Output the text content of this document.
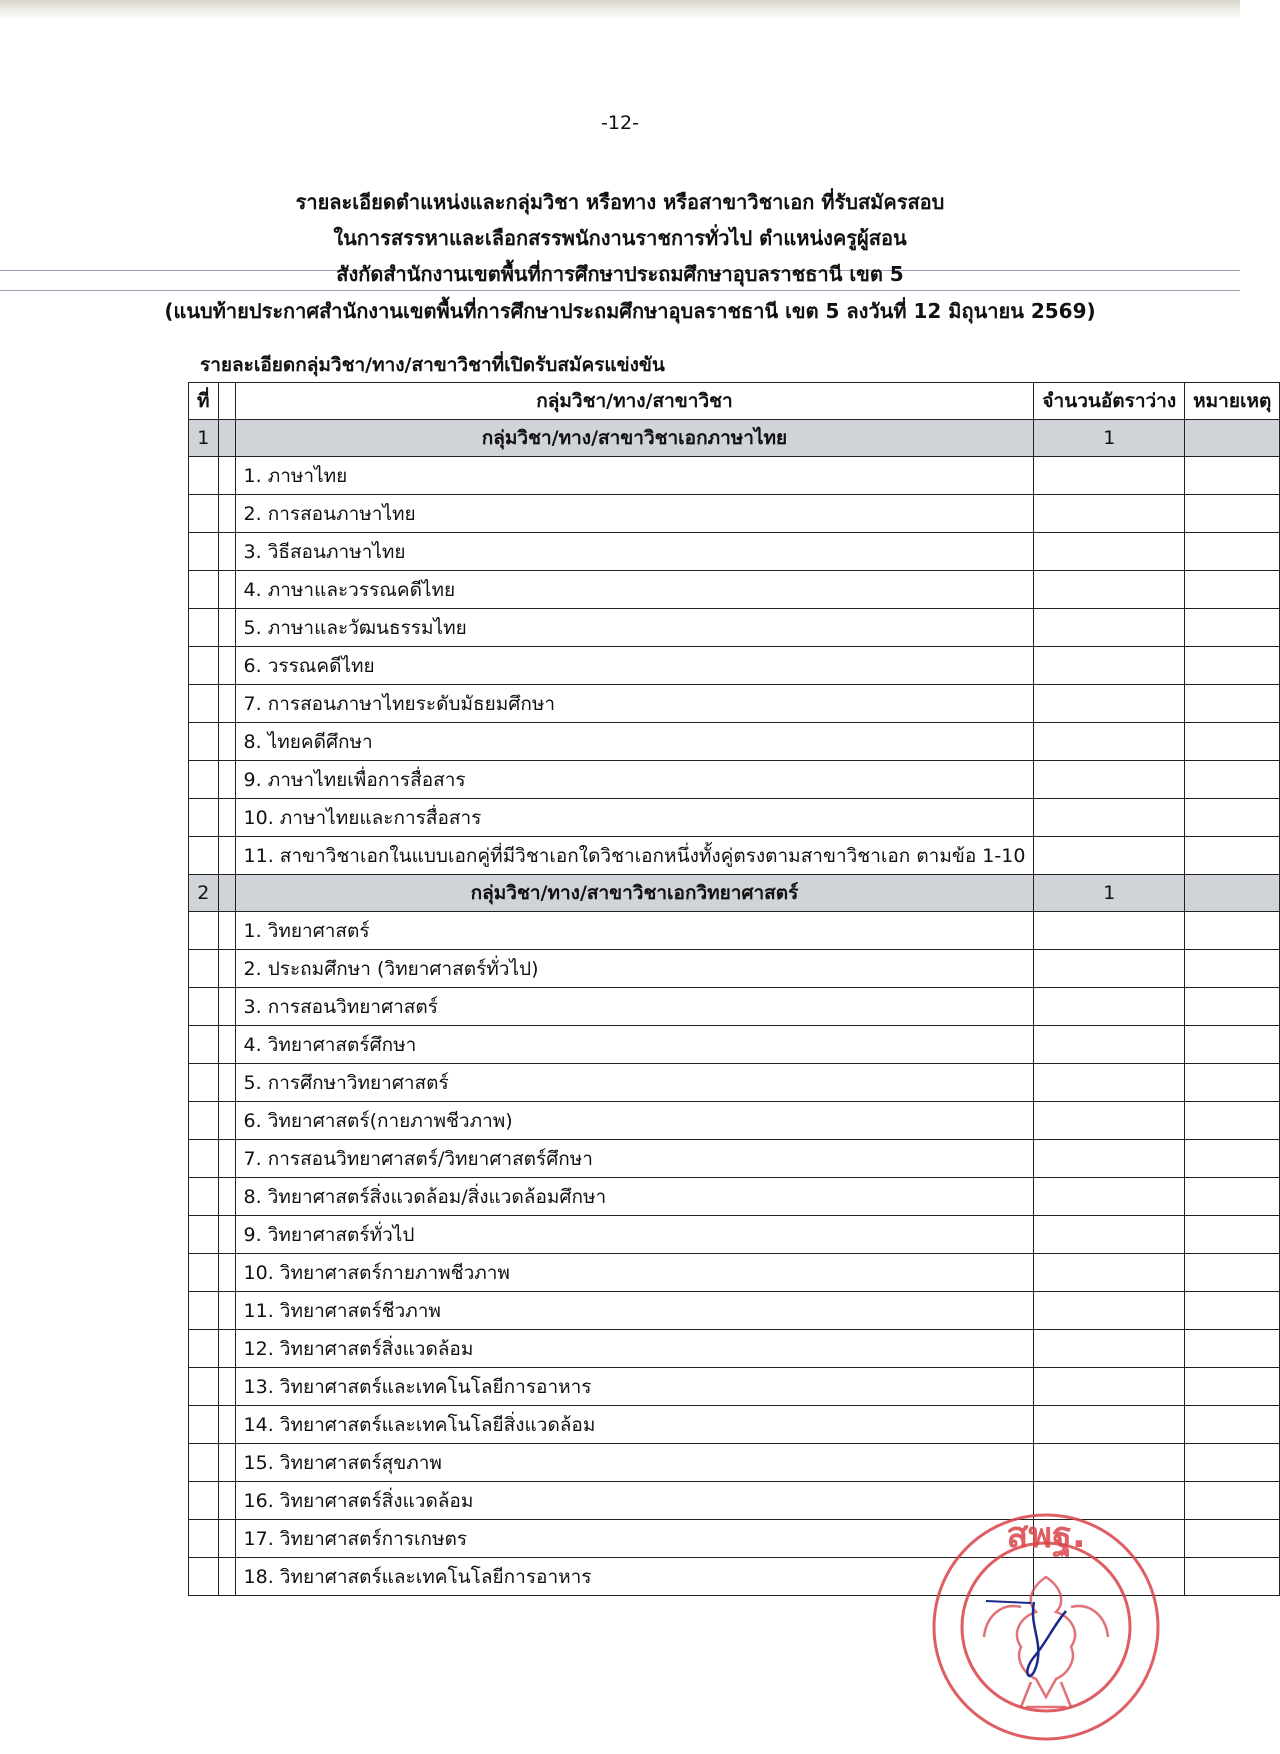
-12-
รายละเอียดตำแหน่งและกลุ่มวิชา หรือทาง หรือสาขาวิชาเอก ที่รับสมัครสอบ
ในการสรรหาและเลือกสรรพนักงานราชการทั่วไป ตำแหน่งครูผู้สอน
สังกัดสำนักงานเขตพื้นที่การศึกษาประถมศึกษาอุบลราชธานี เขต 5
(แนบท้ายประกาศสำนักงานเขตพื้นที่การศึกษาประถมศึกษาอุบลราชธานี เขต 5 ลงวันที่ 12 มิถุนายน 2569)
รายละเอียดกลุ่มวิชา/ทาง/สาขาวิชาที่เปิดรับสมัครแข่งขัน
ที่		กลุ่มวิชา/ทาง/สาขาวิชา	จำนวนอัตราว่าง	หมายเหตุ
1		กลุ่มวิชา/ทาง/สาขาวิชาเอกภาษาไทย	1	
		1. ภาษาไทย		
		2. การสอนภาษาไทย		
		3. วิธีสอนภาษาไทย		
		4. ภาษาและวรรณคดีไทย		
		5. ภาษาและวัฒนธรรมไทย		
		6. วรรณคดีไทย		
		7. การสอนภาษาไทยระดับมัธยมศึกษา		
		8. ไทยคดีศึกษา		
		9. ภาษาไทยเพื่อการสื่อสาร		
		10. ภาษาไทยและการสื่อสาร		
		11. สาขาวิชาเอกในแบบเอกคู่ที่มีวิชาเอกใดวิชาเอกหนึ่งทั้งคู่ตรงตามสาขาวิชาเอก ตามข้อ 1-10		
2		กลุ่มวิชา/ทาง/สาขาวิชาเอกวิทยาศาสตร์	1	
		1. วิทยาศาสตร์		
		2. ประถมศึกษา (วิทยาศาสตร์ทั่วไป)		
		3. การสอนวิทยาศาสตร์		
		4. วิทยาศาสตร์ศึกษา		
		5. การศึกษาวิทยาศาสตร์		
		6. วิทยาศาสตร์(กายภาพชีวภาพ)		
		7. การสอนวิทยาศาสตร์/วิทยาศาสตร์ศึกษา		
		8. วิทยาศาสตร์สิ่งแวดล้อม/สิ่งแวดล้อมศึกษา		
		9. วิทยาศาสตร์ทั่วไป		
		10. วิทยาศาสตร์กายภาพชีวภาพ		
		11. วิทยาศาสตร์ชีวภาพ		
		12. วิทยาศาสตร์สิ่งแวดล้อม		
		13. วิทยาศาสตร์และเทคโนโลยีการอาหาร		
		14. วิทยาศาสตร์และเทคโนโลยีสิ่งแวดล้อม		
		15. วิทยาศาสตร์สุขภาพ		
		16. วิทยาศาสตร์สิ่งแวดล้อม		
		17. วิทยาศาสตร์การเกษตร		
		18. วิทยาศาสตร์และเทคโนโลยีการอาหาร		
สพฐ.
